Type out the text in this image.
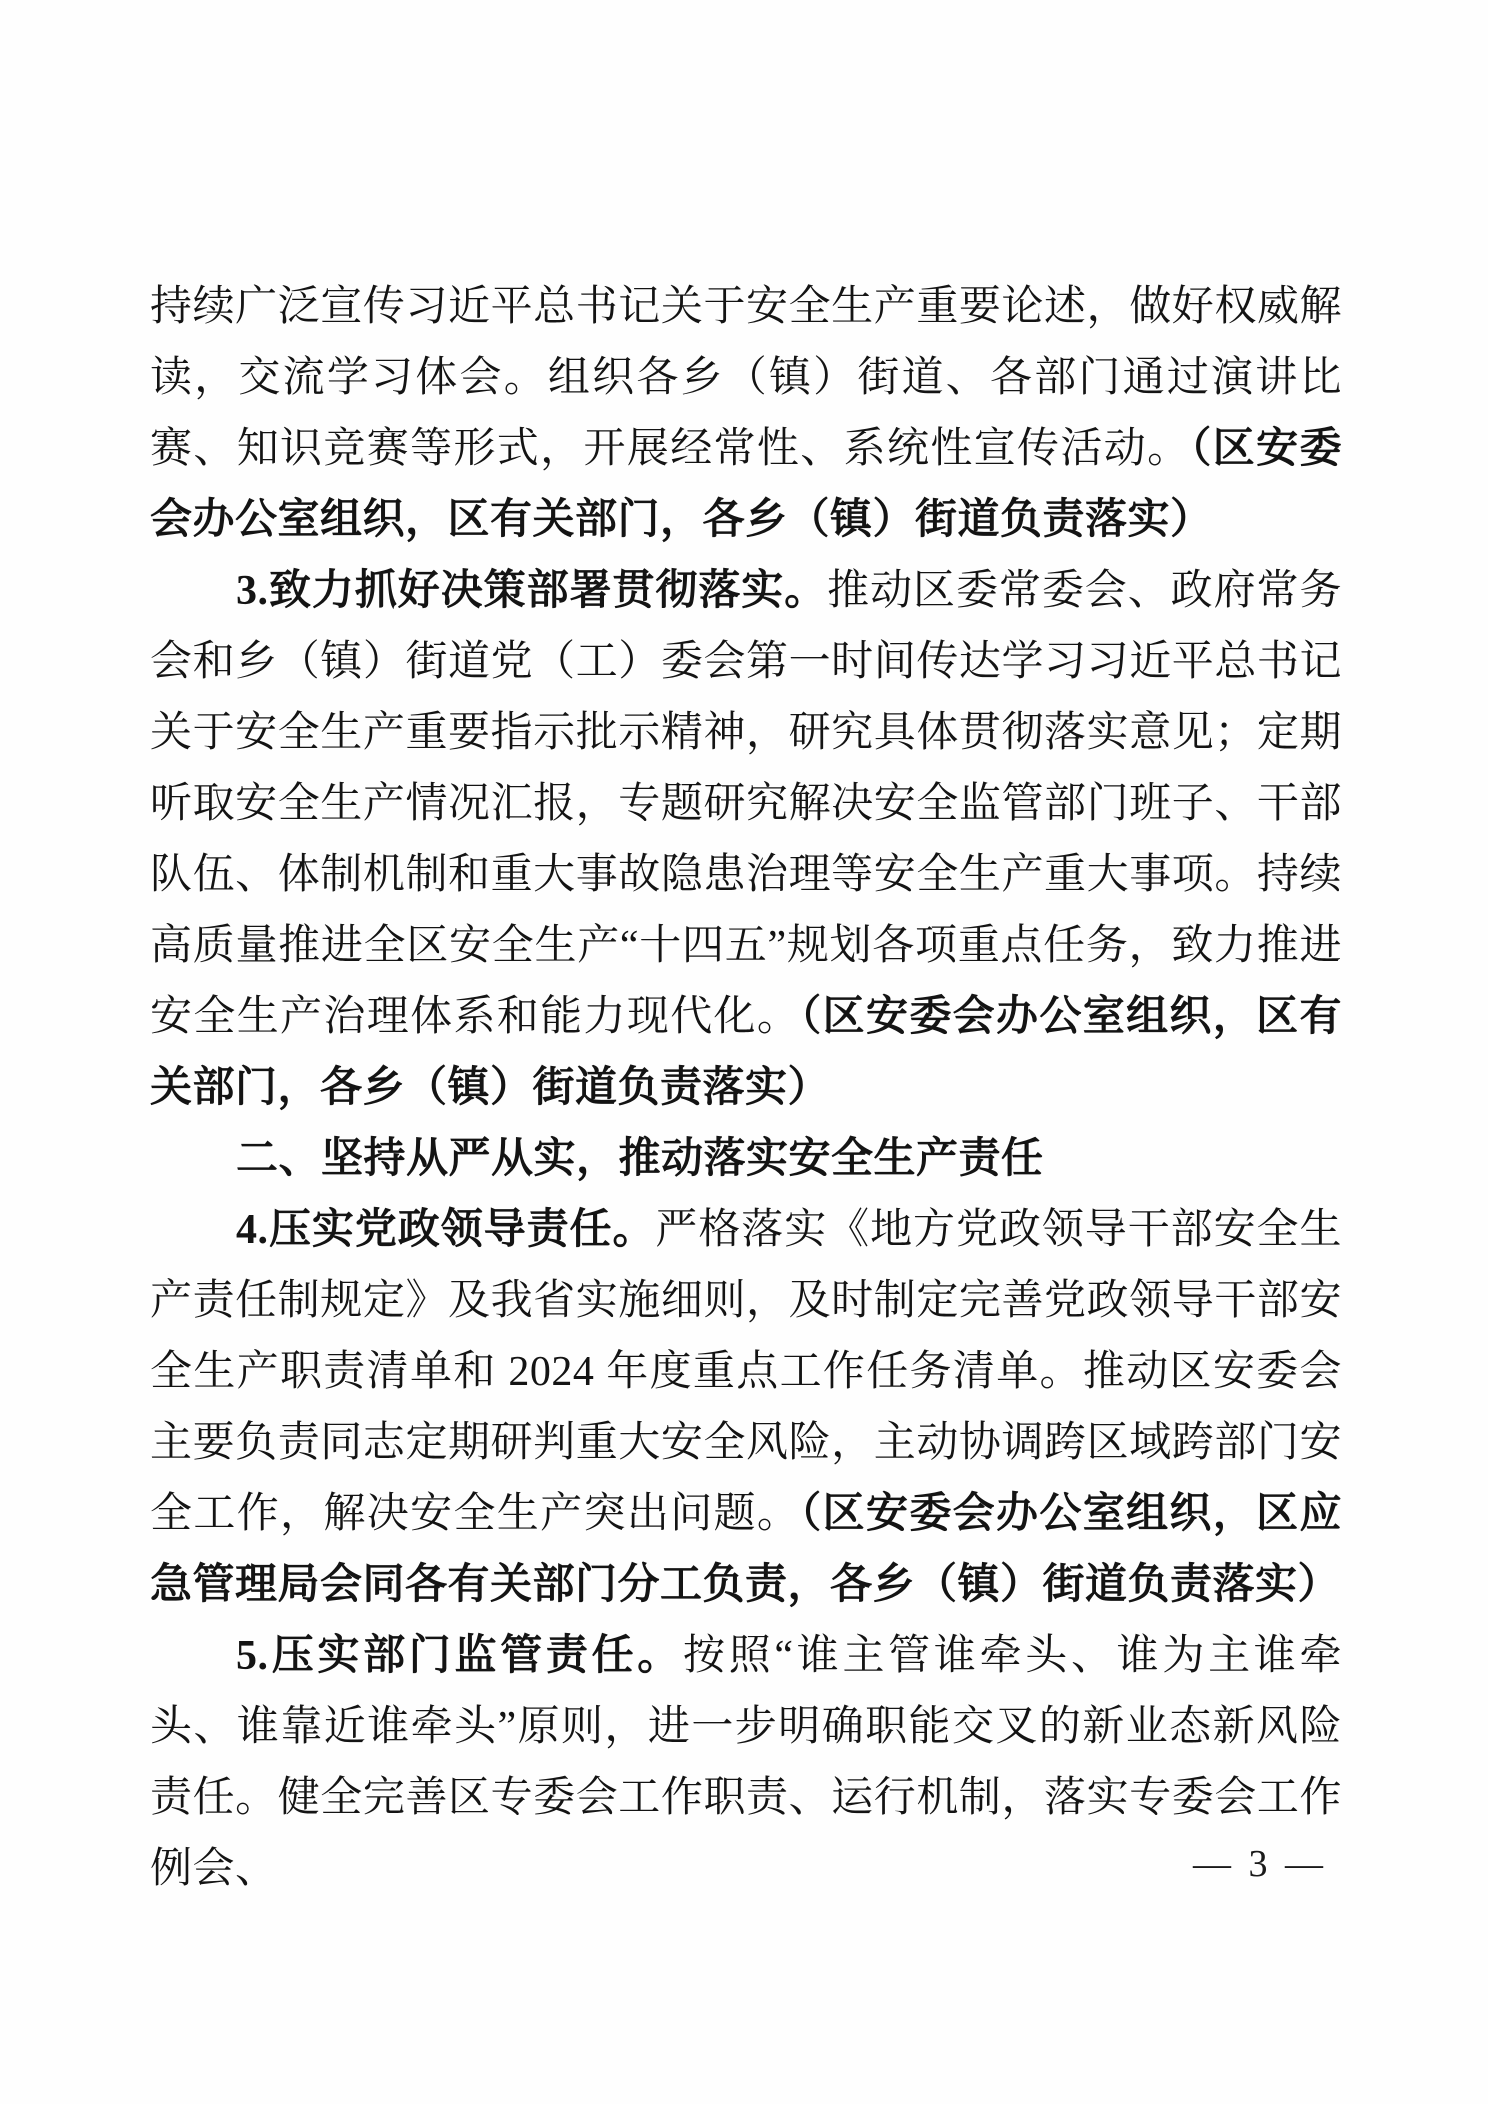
持续广泛宣传习近平总书记关于安全生产重要论述，做好权威解读，交流学习体会。组织各乡（镇）街道、各部门通过演讲比赛、知识竞赛等形式，开展经常性、系统性宣传活动。（区安委会办公室组织，区有关部门，各乡（镇）街道负责落实）

3.致力抓好决策部署贯彻落实。推动区委常委会、政府常务会和乡（镇）街道党（工）委会第一时间传达学习习近平总书记关于安全生产重要指示批示精神，研究具体贯彻落实意见；定期听取安全生产情况汇报，专题研究解决安全监管部门班子、干部队伍、体制机制和重大事故隐患治理等安全生产重大事项。持续高质量推进全区安全生产“十四五”规划各项重点任务，致力推进安全生产治理体系和能力现代化。（区安委会办公室组织，区有关部门，各乡（镇）街道负责落实）

二、坚持从严从实，推动落实安全生产责任

4.压实党政领导责任。严格落实《地方党政领导干部安全生产责任制规定》及我省实施细则，及时制定完善党政领导干部安全生产职责清单和 2024 年度重点工作任务清单。推动区安委会主要负责同志定期研判重大安全风险，主动协调跨区域跨部门安全工作，解决安全生产突出问题。（区安委会办公室组织，区应急管理局会同各有关部门分工负责，各乡（镇）街道负责落实）

5.压实部门监管责任。按照“谁主管谁牵头、谁为主谁牵头、谁靠近谁牵头”原则，进一步明确职能交叉的新业态新风险责任。健全完善区专委会工作职责、运行机制，落实专委会工作例会、	— 3 —
